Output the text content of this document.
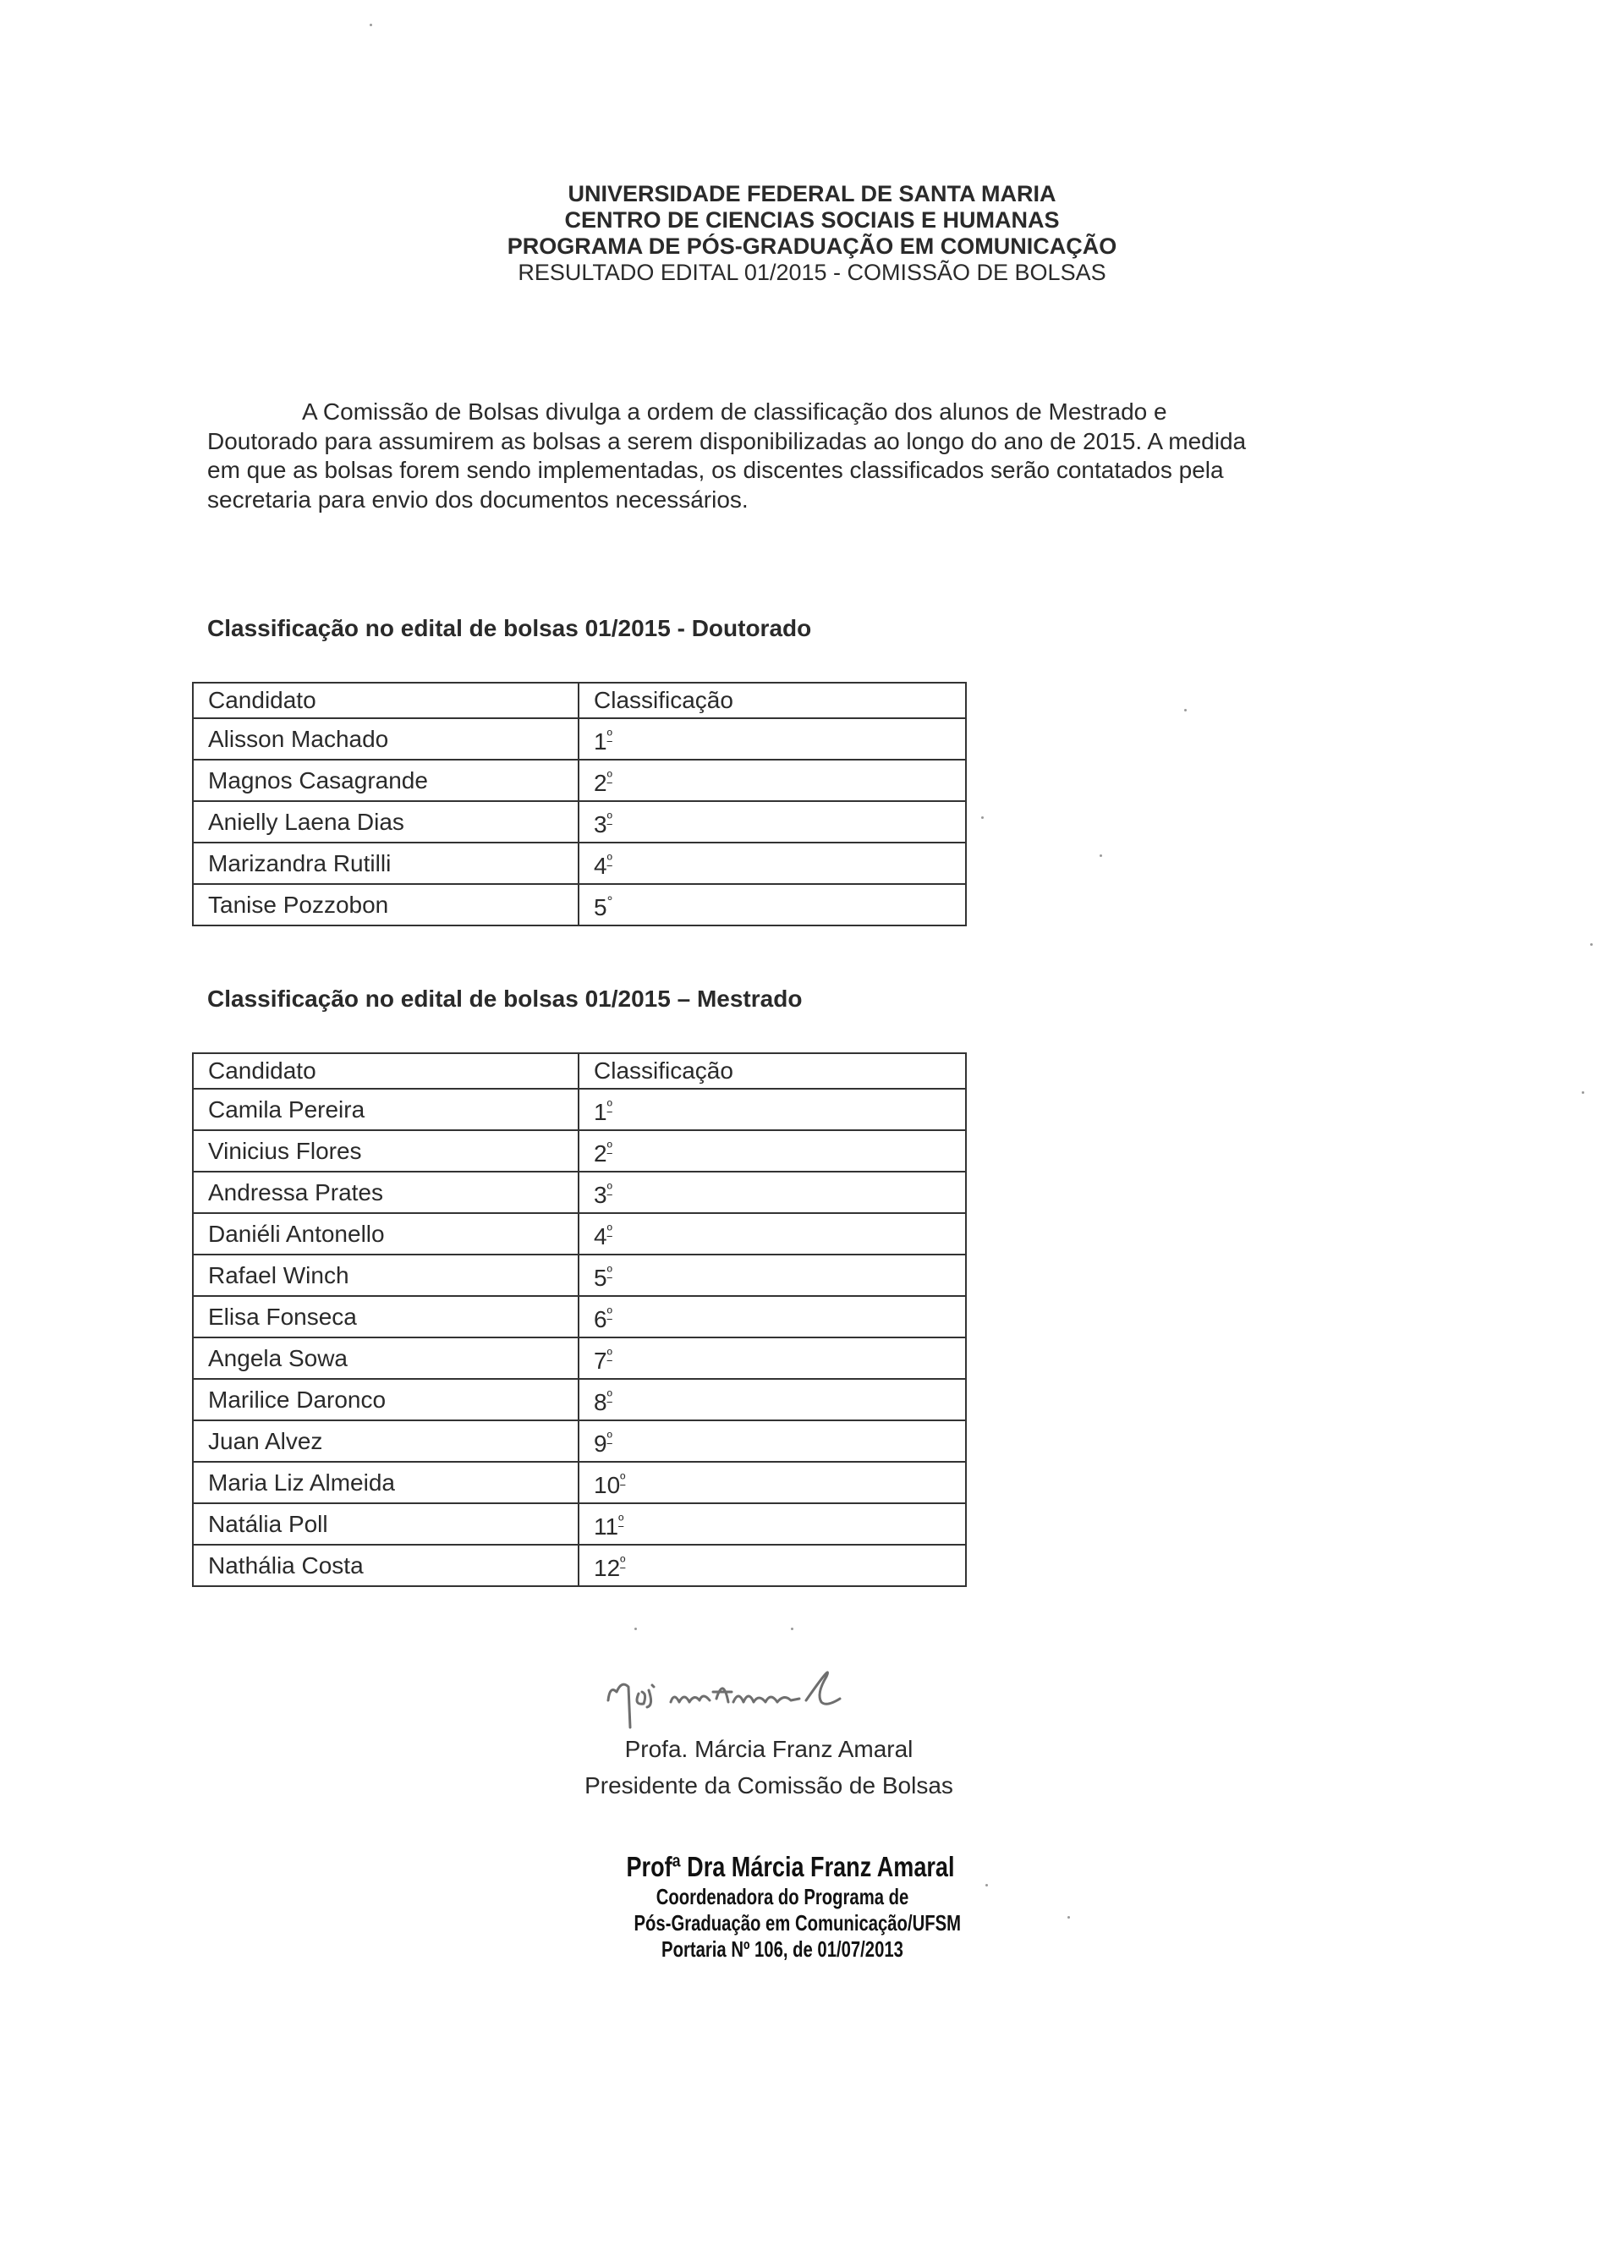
UNIVERSIDADE FEDERAL DE SANTA MARIA
CENTRO DE CIENCIAS SOCIAIS E HUMANAS
PROGRAMA DE PÓS-GRADUAÇÃO EM COMUNICAÇÃO
RESULTADO EDITAL 01/2015 - COMISSÃO DE BOLSAS
A Comissão de Bolsas divulga a ordem de classificação dos alunos de Mestrado e Doutorado para assumirem as bolsas a serem disponibilizadas ao longo do ano de 2015. A medida em que as bolsas forem sendo implementadas, os discentes classificados serão contatados pela secretaria para envio dos documentos necessários.
Classificação no edital de bolsas 01/2015 - Doutorado
Candidato	Classificação
Alisson Machado	$1^º$
Magnos Casagrande	$2^º$
Anielly Laena Dias	$3^º$
Marizandra Rutilli	$4^º$
Tanise Pozzobon	5°
Classificação no edital de bolsas 01/2015 – Mestrado
Candidato	Classificação
Camila Pereira	$1^º$
Vinicius Flores	$2^º$
Andressa Prates	$3^º$
Daniéli Antonello	$4^º$
Rafael Winch	$5^º$
Elisa Fonseca	$6^º$
Angela Sowa	$7^º$
Marilice Daronco	$8^º$
Juan Alvez	$9^º$
Maria Liz Almeida	$10^º$
Natália Poll	$11^º$
Nathália Costa	$12^º$
Profa. Márcia Franz Amaral
Presidente da Comissão de Bolsas
Profª Dra Márcia Franz Amaral
Coordenadora do Programa de
Pós-Graduação em Comunicação/UFSM
Portaria Nº 106, de 01/07/2013
